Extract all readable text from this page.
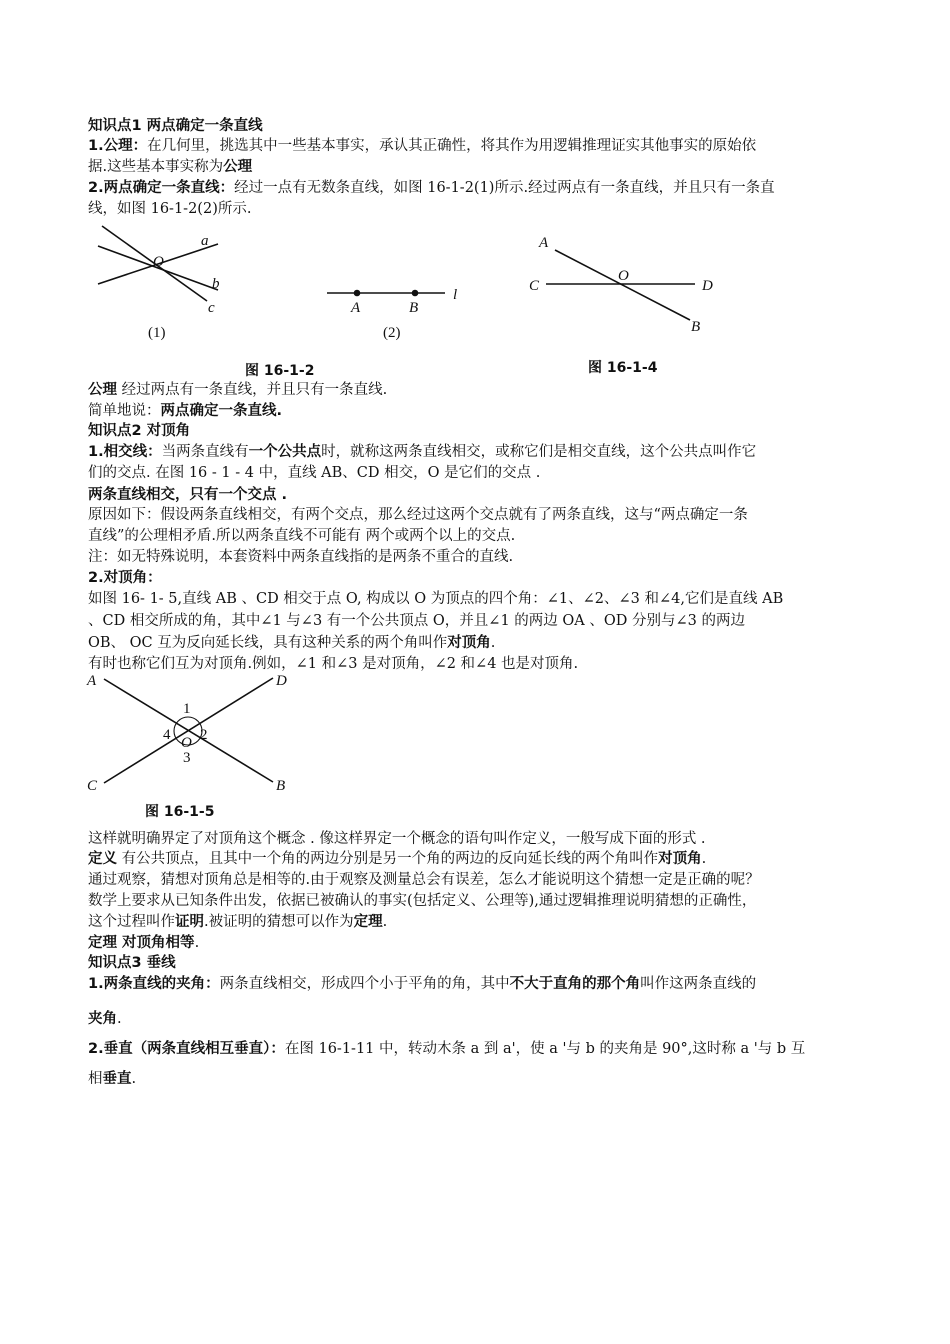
知识点1 两点确定一条直线
1.公理：在几何里，挑选其中一些基本事实，承认其正确性，将其作为用逻辑推理证实其他事实的原始依
据.这些基本事实称为公理
2.两点确定一条直线：经过一点有无数条直线，如图 16-1-2(1)所示.经过两点有一条直线，并且只有一条直
线，如图 16-1-2(2)所示.
公理 经过两点有一条直线，并且只有一条直线.
简单地说：两点确定一条直线.
知识点2 对顶角
1.相交线：当两条直线有一个公共点时，就称这两条直线相交，或称它们是相交直线，这个公共点叫作它
们的交点. 在图 16 - 1 - 4 中，直线 AB、CD 相交，O 是它们的交点 .
两条直线相交，只有一个交点 .
原因如下：假设两条直线相交，有两个交点，那么经过这两个交点就有了两条直线，这与“两点确定一条
直线”的公理相矛盾.所以两条直线不可能有 两个或两个以上的交点.
注：如无特殊说明，本套资料中两条直线指的是两条不重合的直线.
2.对顶角：
如图 16- 1- 5,直线 AB 、CD 相交于点 O, 构成以 O 为顶点的四个角：∠1、∠2、∠3 和∠4,它们是直线 AB
、CD 相交所成的角，其中∠1 与∠3 有一个公共顶点 O，并且∠1 的两边 OA 、OD 分别与∠3 的两边
OB、 OC 互为反向延长线，具有这种关系的两个角叫作对顶角.
有时也称它们互为对顶角.例如，∠1 和∠3 是对顶角，∠2 和∠4 也是对顶角.
这样就明确界定了对顶角这个概念 . 像这样界定一个概念的语句叫作定义，一般写成下面的形式 .
定义 有公共顶点，且其中一个角的两边分别是另一个角的两边的反向延长线的两个角叫作对顶角.
通过观察，猜想对顶角总是相等的.由于观察及测量总会有误差，怎么才能说明这个猜想一定是正确的呢？
数学上要求从已知条件出发，依据已被确认的事实(包括定义、公理等),通过逻辑推理说明猜想的正确性，
这个过程叫作证明.被证明的猜想可以作为定理.
定理 对顶角相等.
知识点3 垂线
1.两条直线的夹角：两条直线相交，形成四个小于平角的角，其中不大于直角的那个角叫作这两条直线的
夹角.
2.垂直（两条直线相互垂直）：在图 16-1-11 中，转动木条 a 到 a'，使 a '与 b 的夹角是 90°,这时称 a '与 b 互
相垂直.
a
b
c
O
(1)
A	B
l
(2)
图 16-1-2
A
C	D
O
B
图 16-1-4
A	D
C	B
1
2
3
4 O
图 16-1-5
